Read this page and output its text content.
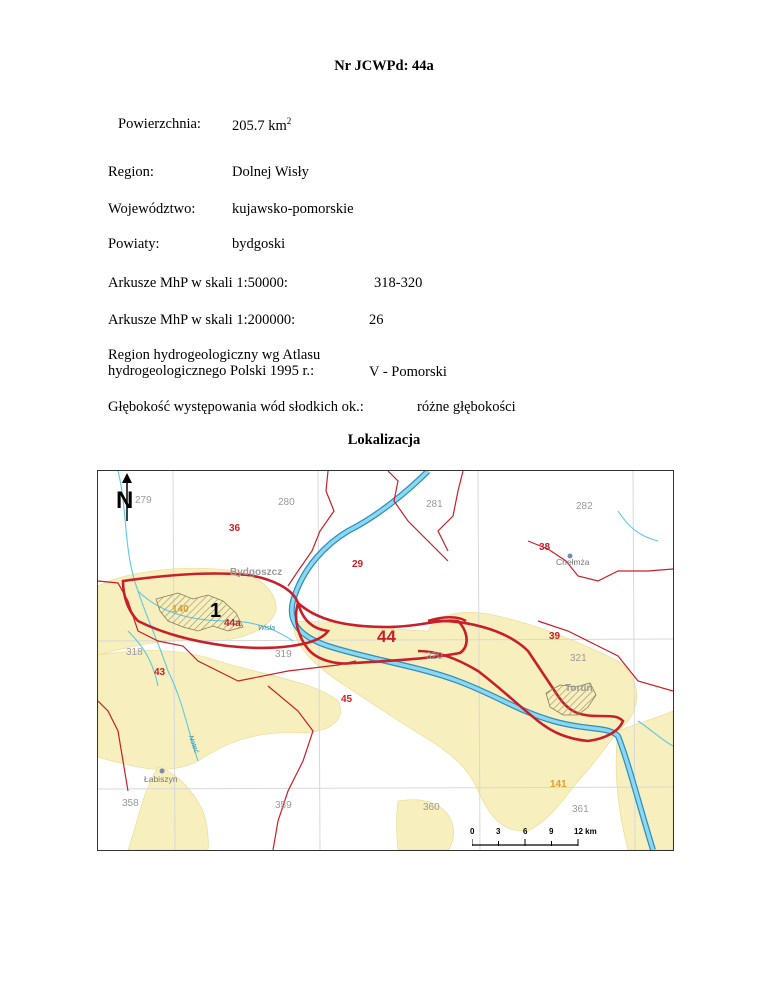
Nr JCWPd: 44a
Powierzchnia: 205.7 $km^2$
Region:	Dolnej Wisły
Województwo:	kujawsko-pomorskie
Powiaty:	bydgoski
Arkusze MhP w skali 1:50000:	318-320
Arkusze MhP w skali 1:200000:	26
Region hydrogeologiczny wg Atlasu
hydrogeologicznego Polski 1995 r.:	V - Pomorski
Głębokość występowania wód słodkich ok.:	różne głębokości
Lokalizacja
N 279	280	281	282
318	319	320	321
358	359	360	361
36
29
38
39
43
45
44
44a
1
140
141
Bydgoszcz
Chełmża
Toruń
Łabiszyn
Wisła
Noteć
0	3	6	9	12 km
